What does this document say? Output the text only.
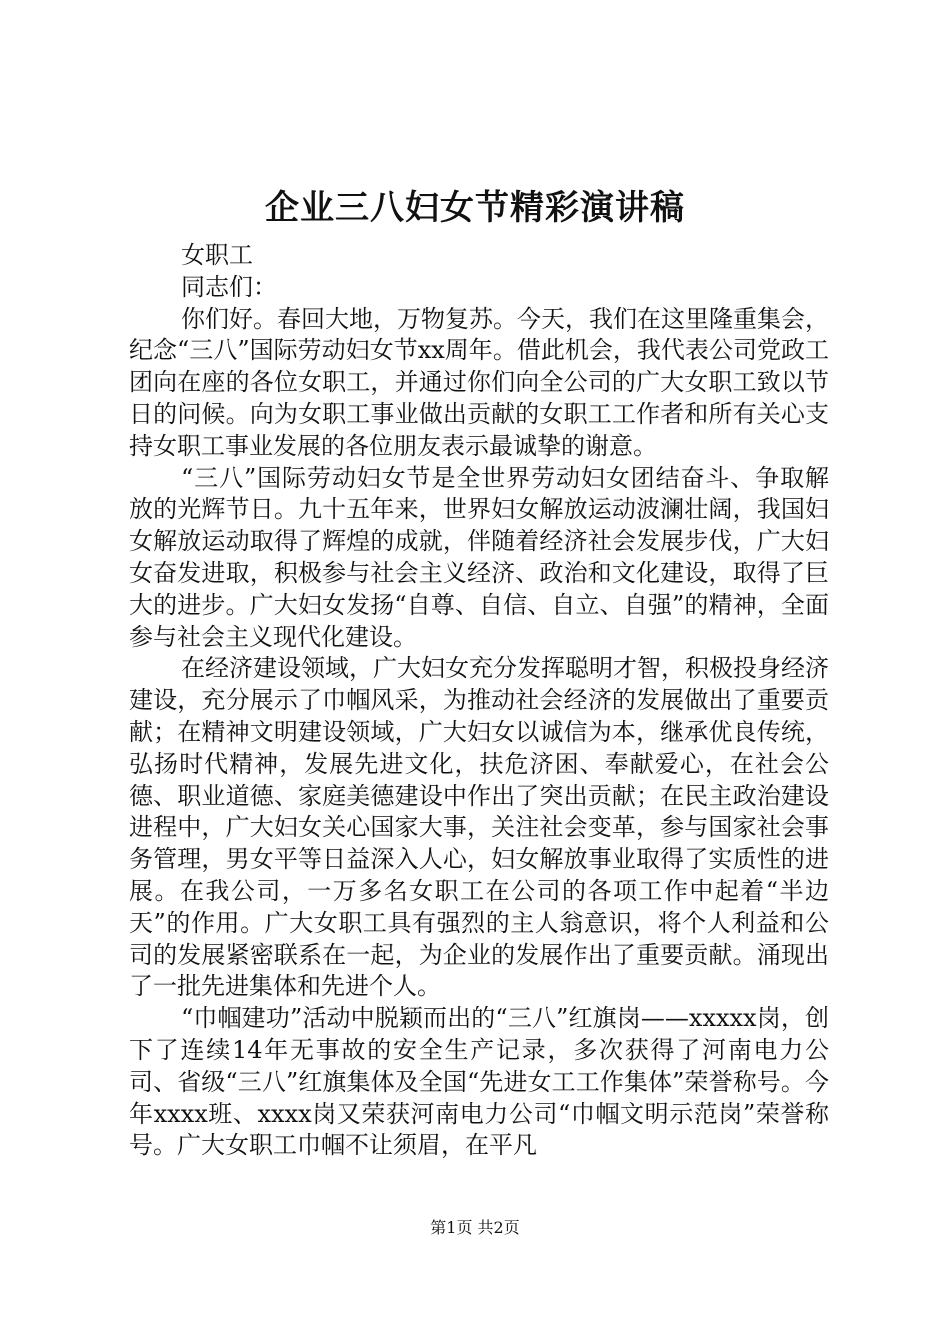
企业三八妇女节精彩演讲稿

女职工

同志们：

你们好。春回大地，万物复苏。今天，我们在这里隆重集会，纪念“三八”国际劳动妇女节xx周年。借此机会，我代表公司党政工团向在座的各位女职工，并通过你们向全公司的广大女职工致以节日的问候。向为女职工事业做出贡献的女职工工作者和所有关心支持女职工事业发展的各位朋友表示最诚挚的谢意。

“三八”国际劳动妇女节是全世界劳动妇女团结奋斗、争取解放的光辉节日。九十五年来，世界妇女解放运动波澜壮阔，我国妇女解放运动取得了辉煌的成就，伴随着经济社会发展步伐，广大妇女奋发进取，积极参与社会主义经济、政治和文化建设，取得了巨大的进步。广大妇女发扬“自尊、自信、自立、自强”的精神，全面参与社会主义现代化建设。

在经济建设领域，广大妇女充分发挥聪明才智，积极投身经济建设，充分展示了巾帼风采，为推动社会经济的发展做出了重要贡献；在精神文明建设领域，广大妇女以诚信为本，继承优良传统，弘扬时代精神，发展先进文化，扶危济困、奉献爱心，在社会公德、职业道德、家庭美德建设中作出了突出贡献；在民主政治建设进程中，广大妇女关心国家大事，关注社会变革，参与国家社会事务管理，男女平等日益深入人心，妇女解放事业取得了实质性的进展。在我公司，一万多名女职工在公司的各项工作中起着“半边天”的作用。广大女职工具有强烈的主人翁意识，将个人利益和公司的发展紧密联系在一起，为企业的发展作出了重要贡献。涌现出了一批先进集体和先进个人。

“巾帼建功”活动中脱颖而出的“三八”红旗岗——xxxxx岗，创下了连续14年无事故的安全生产记录，多次获得了河南电力公司、省级“三八”红旗集体及全国“先进女工工作集体”荣誉称号。今年xxxx班、xxxx岗又荣获河南电力公司“巾帼文明示范岗”荣誉称号。广大女职工巾帼不让须眉，在平凡

第1页 共2页
